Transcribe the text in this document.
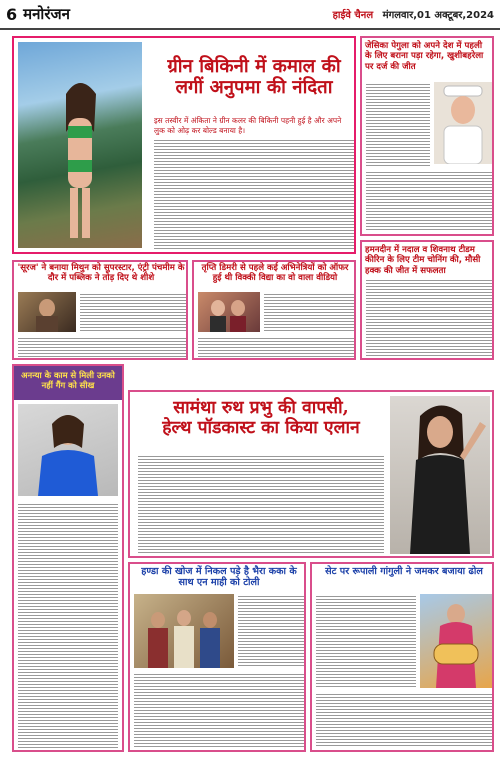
6 मनोरंजन	हाईवे चैनल मंगलवार,01 अक्टूबर,2024
ग्रीन बिकिनी में कमाल की
लगीं अनुपमा की नंदिता
इस तस्वीर में अंकिता ने ग्रीन कलर की बिकिनी पहनी हुई है और अपने लुक को ओढ़ कर बोल्ड बनाया है।
जेसिका पेगुला को अपने देश में पहली के लिए बराना पड़ा रहेगा, खुशीबहरेला पर दर्ज की जीत
हमनदीन में नदाल व शिवनाथ टीडम कीरिन के लिए टीम चोनिंग की, मौसी हक्क की जीत में सफलता
'सूरज' ने बनाया मिथुन को सुपरस्टार, एंट्री पंचमीम के दौर में पब्लिक ने तोड़ दिए थे शीशे
तृप्ति डिमरी से पहले कई अभिनेत्रियों को ऑफर हुई थी विक्की विद्या का वो वाला वीडियो
अनन्या के काम से मिली उनको नहीं गैंग को सीख
सामंथा रुथ प्रभु की वापसी,
हेल्थ पॉडकास्ट का किया एलान
हण्डा की खोज में निकल पड़े है भैरा कका के साथ एन माही को टोली
सेट पर रूपाली गांगुली ने जमकर बजाया ढोल
